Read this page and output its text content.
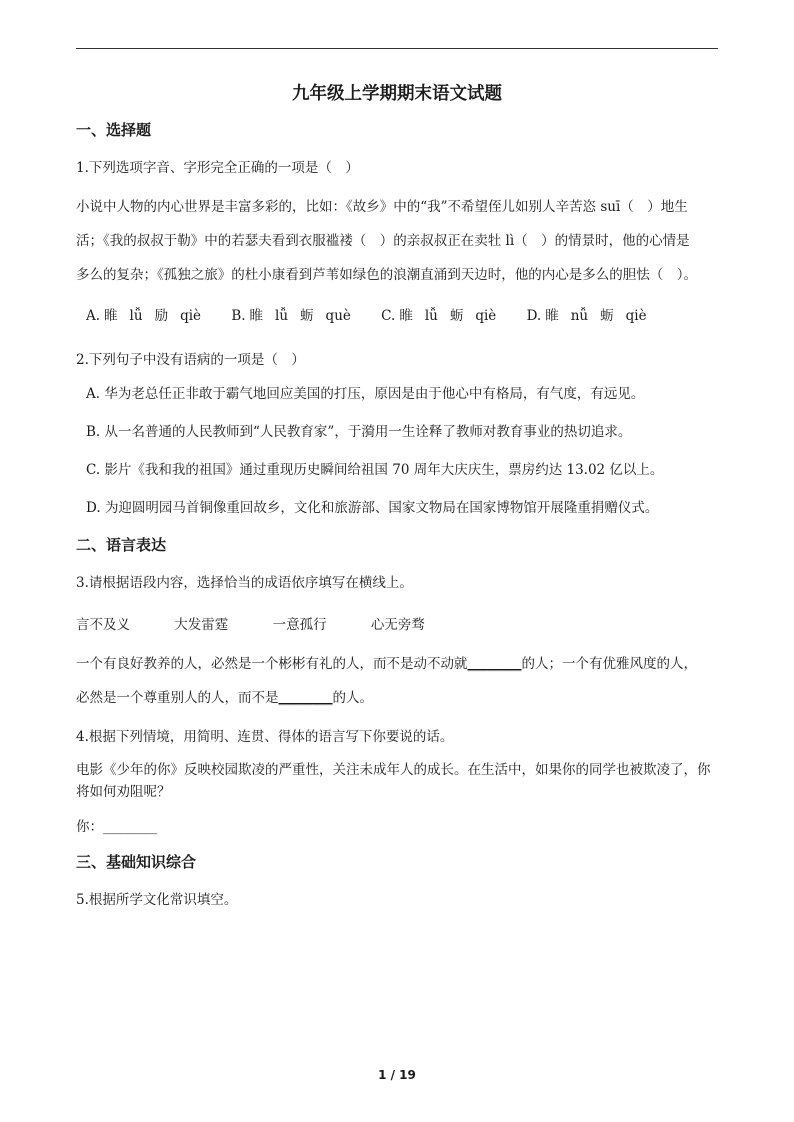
九年级上学期期末语文试题
一、选择题
1.下列选项字音、字形完全正确的一项是（　）
小说中人物的内心世界是丰富多彩的，比如：《故乡》中的“我”不希望侄儿如别人辛苦恣 suī（　）地生
活；《我的叔叔于勒》中的若瑟夫看到衣服褴褛（　）的亲叔叔正在卖牡 lì（　）的情景时，他的心情是
多么的复杂；《孤独之旅》的杜小康看到芦苇如绿色的浪潮直涌到天边时，他的内心是多么的胆怯（　）。
A. 睢 lǚ 励 qiè B. 睢 lǚ 蛎 què C. 睢 lǚ 蛎 qiè D. 睢 nǚ 蛎 qiè
2.下列句子中没有语病的一项是（　）
A. 华为老总任正非敢于霸气地回应美国的打压，原因是由于他心中有格局，有气度，有远见。
B. 从一名普通的人民教师到“人民教育家”，于漪用一生诠释了教师对教育事业的热切追求。
C. 影片《我和我的祖国》通过重现历史瞬间给祖国 70 周年大庆庆生，票房约达 13.02 亿以上。
D. 为迎圆明园马首铜像重回故乡，文化和旅游部、国家文物局在国家博物馆开展隆重捐赠仪式。
二、语言表达
3.请根据语段内容，选择恰当的成语依序填写在横线上。
言不及义	大发雷霆	一意孤行	心无旁骛
一个有良好教养的人，必然是一个彬彬有礼的人，而不是动不动就________的人；一个有优雅风度的人，
必然是一个尊重别人的人，而不是________的人。
4.根据下列情境，用简明、连贯、得体的语言写下你要说的话。
电影《少年的你》反映校园欺凌的严重性，关注未成年人的成长。在生活中，如果你的同学也被欺凌了，你将如何劝阻呢？
你：________
三、基础知识综合
5.根据所学文化常识填空。
1 / 19
